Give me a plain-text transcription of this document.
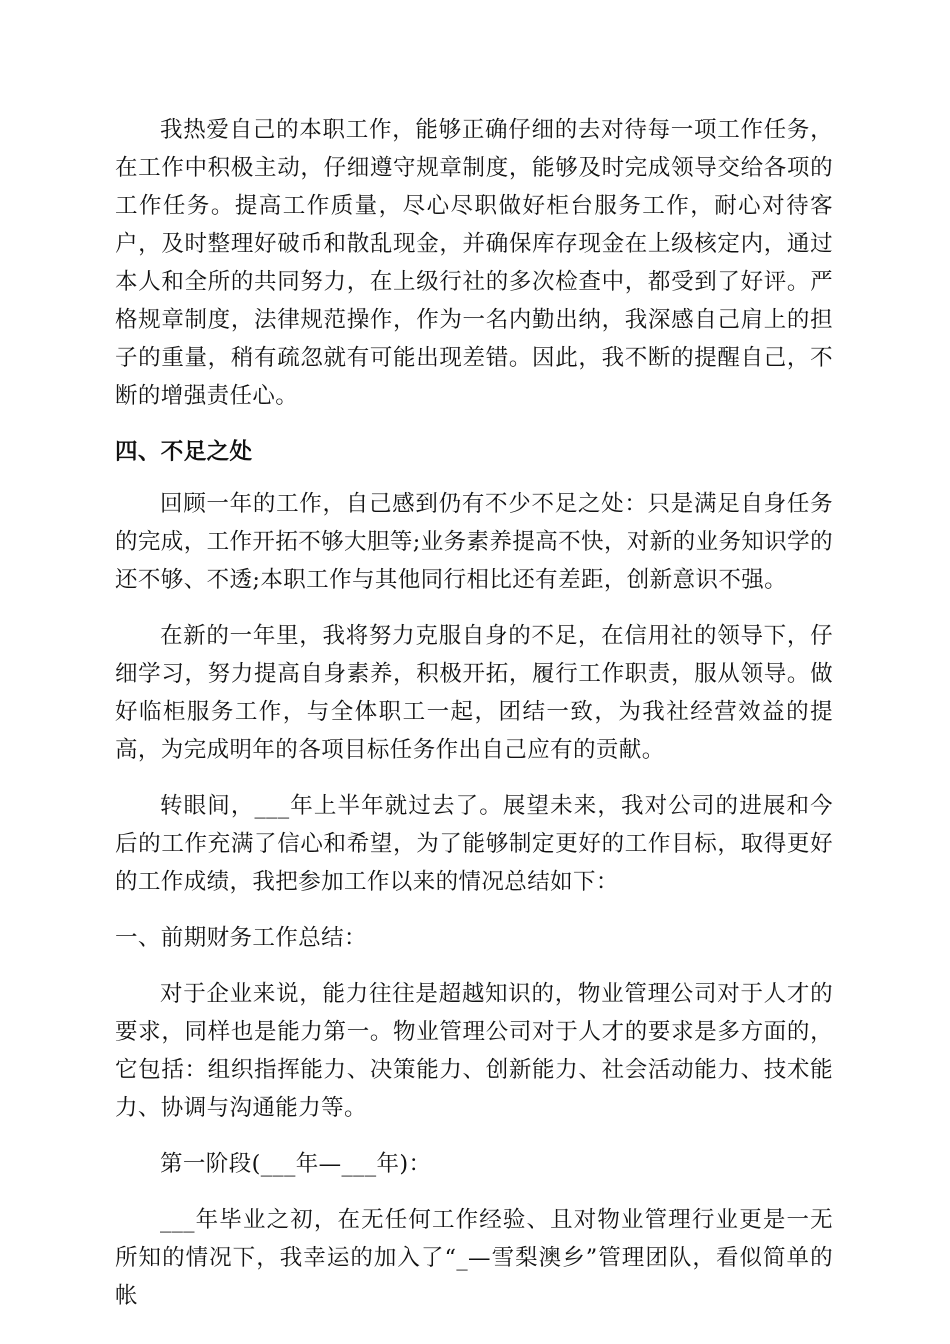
我热爱自己的本职工作，能够正确仔细的去对待每一项工作任务，在工作中积极主动，仔细遵守规章制度，能够及时完成领导交给各项的工作任务。提高工作质量，尽心尽职做好柜台服务工作，耐心对待客户，及时整理好破币和散乱现金，并确保库存现金在上级核定内，通过本人和全所的共同努力，在上级行社的多次检查中，都受到了好评。严格规章制度，法律规范操作，作为一名内勤出纳，我深感自己肩上的担子的重量，稍有疏忽就有可能出现差错。因此，我不断的提醒自己，不断的增强责任心。

四、不足之处

回顾一年的工作，自己感到仍有不少不足之处：只是满足自身任务的完成，工作开拓不够大胆等;业务素养提高不快，对新的业务知识学的还不够、不透;本职工作与其他同行相比还有差距，创新意识不强。

在新的一年里，我将努力克服自身的不足，在信用社的领导下，仔细学习，努力提高自身素养，积极开拓，履行工作职责，服从领导。做好临柜服务工作，与全体职工一起，团结一致，为我社经营效益的提高，为完成明年的各项目标任务作出自己应有的贡献。

转眼间，___年上半年就过去了。展望未来，我对公司的进展和今后的工作充满了信心和希望，为了能够制定更好的工作目标，取得更好的工作成绩，我把参加工作以来的情况总结如下：

一、前期财务工作总结：

对于企业来说，能力往往是超越知识的，物业管理公司对于人才的要求，同样也是能力第一。物业管理公司对于人才的要求是多方面的，它包括：组织指挥能力、决策能力、创新能力、社会活动能力、技术能力、协调与沟通能力等。

第一阶段(___年—___年)：

___年毕业之初，在无任何工作经验、且对物业管理行业更是一无所知的情况下，我幸运的加入了“_—雪梨澳乡”管理团队，看似简单的帐
